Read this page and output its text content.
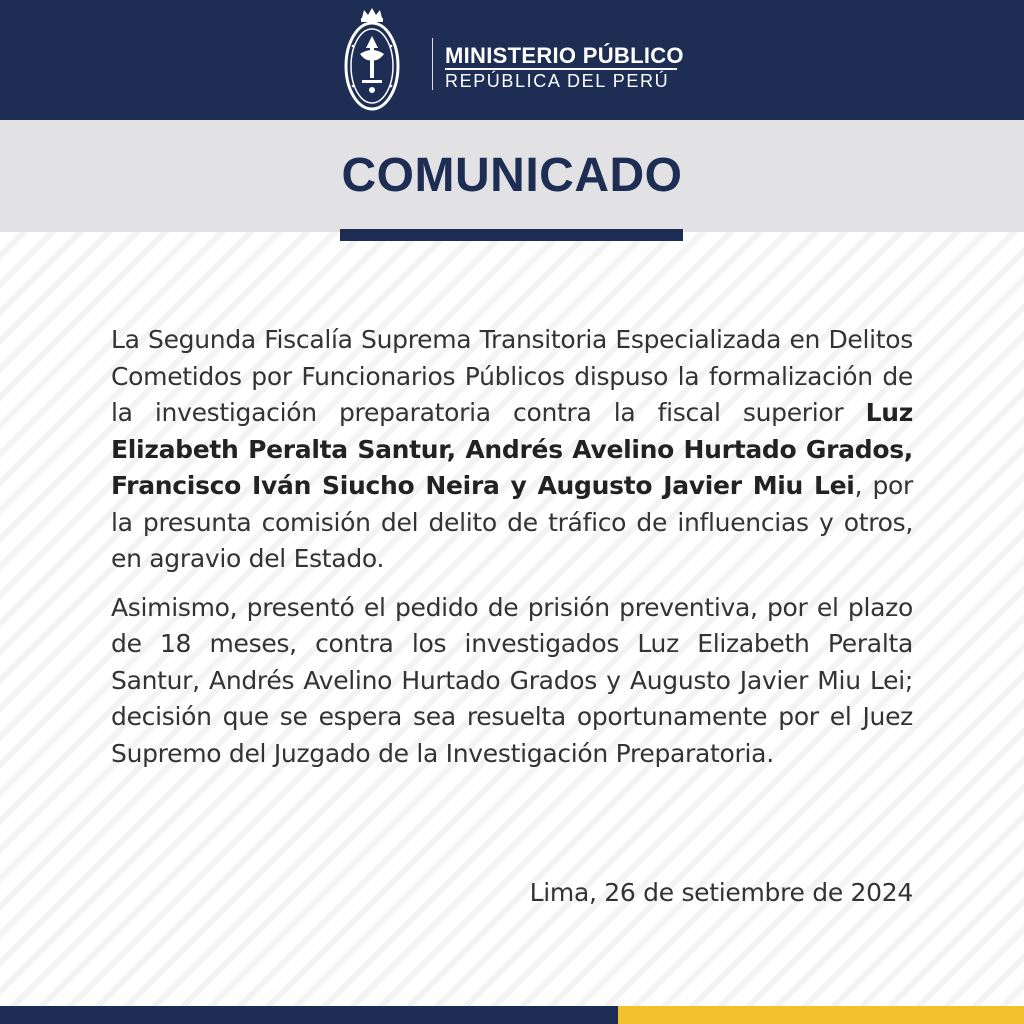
MINISTERIO PÚBLICO
REPÚBLICA DEL PERÚ
COMUNICADO

La Segunda Fiscalía Suprema Transitoria Especializada en Delitos Cometidos por Funcionarios Públicos dispuso la formalización de la investigación preparatoria contra la fiscal superior Luz Elizabeth Peralta Santur, Andrés Avelino Hurtado Grados, Francisco Iván Siucho Neira y Augusto Javier Miu Lei, por la presunta comisión del delito de tráfico de influencias y otros, en agravio del Estado.

Asimismo, presentó el pedido de prisión preventiva, por el plazo de 18 meses, contra los investigados Luz Elizabeth Peralta Santur, Andrés Avelino Hurtado Grados y Augusto Javier Miu Lei; decisión que se espera sea resuelta oportunamente por el Juez Supremo del Juzgado de la Investigación Preparatoria.

Lima, 26 de setiembre de 2024
